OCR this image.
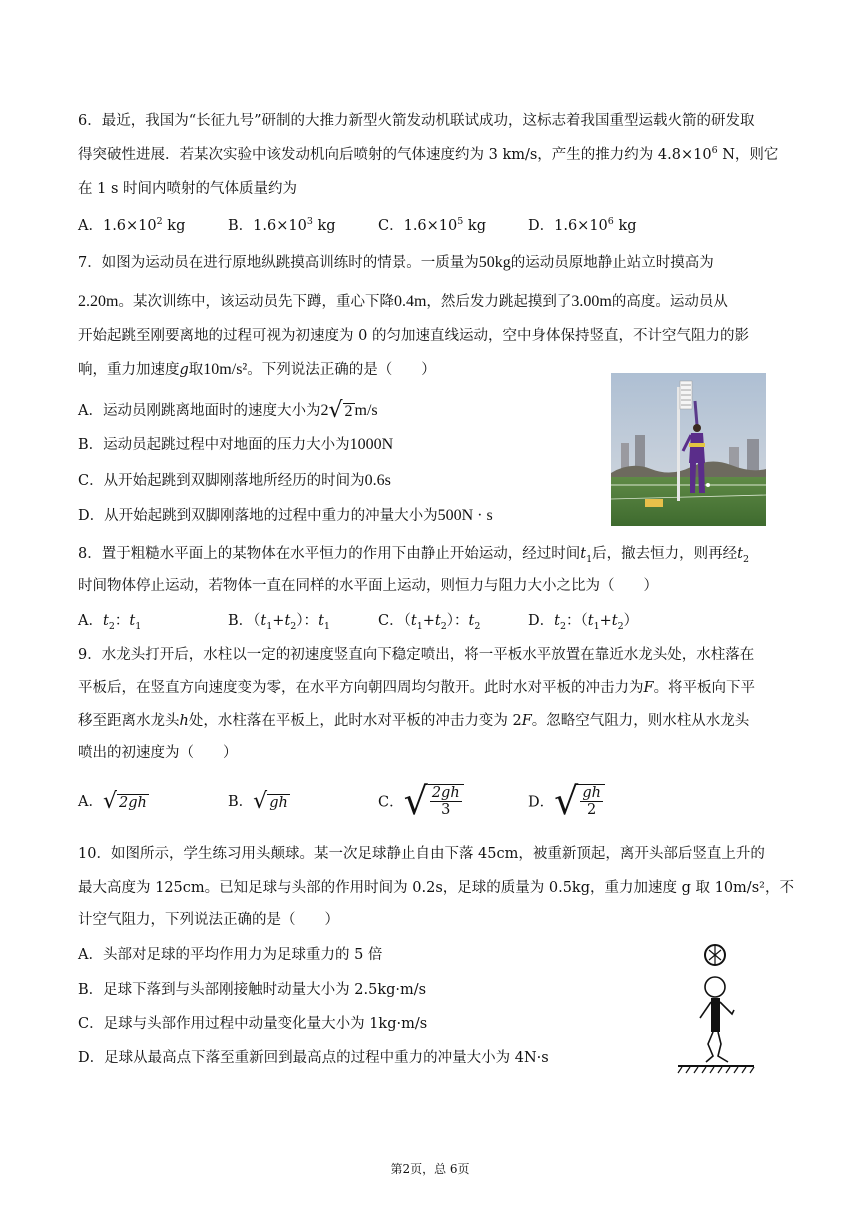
6．最近，我国为“长征九号”研制的大推力新型火箭发动机联试成功，这标志着我国重型运载火箭的研发取
得突破性进展．若某次实验中该发动机向后喷射的气体速度约为 3 km/s，产生的推力约为 $4.8\times 10^6$ N，则它
在 1 s 时间内喷射的气体质量约为
A．$1.6\times 10^2$ kg	B．$1.6\times 10^3$ kg	C．$1.6\times 10^5$ kg	D．$1.6\times 10^6$ kg
7．如图为运动员在进行原地纵跳摸高训练时的情景。一质量为50kg的运动员原地静止站立时摸高为
2.20m。某次训练中，该运动员先下蹲，重心下降0.4m，然后发力跳起摸到了3.00m的高度。运动员从
开始起跳至刚要离地的过程可视为初速度为 0 的匀加速直线运动，空中身体保持竖直，不计空气阻力的影
响，重力加速度g取10m/s²。下列说法正确的是（　　）
A．运动员刚跳离地面时的速度大小为2√ 2 m/s
B．运动员起跳过程中对地面的压力大小为1000N
C．从开始起跳到双脚刚落地所经历的时间为0.6s
D．从开始起跳到双脚刚落地的过程中重力的冲量大小为500N · s
8．置于粗糙水平面上的某物体在水平恒力的作用下由静止开始运动，经过时间$t_1$后，撤去恒力，则再经$t_2$
时间物体停止运动，若物体一直在同样的水平面上运动，则恒力与阻力大小之比为（　　）
A．$t_2$：$t_1$	B．$(t_1+t_2)$：$t_1$	C．$(t_1+t_2)$：$t_2$	D．$t_2$：$(t_1+t_2)$
9．水龙头打开后，水柱以一定的初速度竖直向下稳定喷出，将一平板水平放置在靠近水龙头处，水柱落在
平板后，在竖直方向速度变为零，在水平方向朝四周均匀散开。此时水对平板的冲击力为F。将平板向下平
移至距离水龙头h处，水柱落在平板上，此时水对平板的冲击力变为 2F。忽略空气阻力，则水柱从水龙头
喷出的初速度为（　　）
A．√ 2gh	B．√ gh	C．√ $\frac{2gh}{3}$	D．√ $\frac{gh}{2}$
10．如图所示，学生练习用头颠球。某一次足球静止自由下落 45cm，被重新顶起，离开头部后竖直上升的
最大高度为 125cm。已知足球与头部的作用时间为 0.2s，足球的质量为 0.5kg，重力加速度 g 取 10m/s²，不
计空气阻力，下列说法正确的是（　　）
A．头部对足球的平均作用力为足球重力的 5 倍
B．足球下落到与头部刚接触时动量大小为 2.5kg·m/s
C．足球与头部作用过程中动量变化量大小为 1kg·m/s
D．足球从最高点下落至重新回到最高点的过程中重力的冲量大小为 4N·s
第2页，总 6页
